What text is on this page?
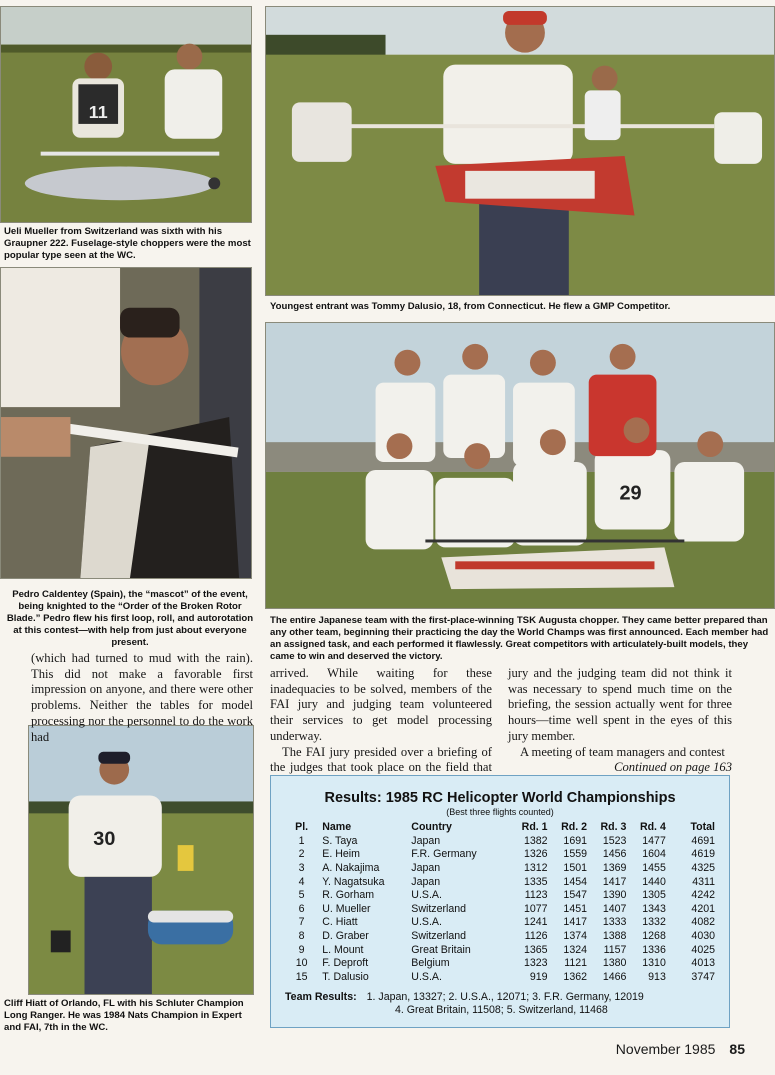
11
Ueli Mueller from Switzerland was sixth with his Graupner 222. Fuselage-style choppers were the most popular type seen at the WC.
Youngest entrant was Tommy Dalusio, 18, from Connecticut. He flew a GMP Competitor.
Pedro Caldentey (Spain), the “mascot” of the event, being knighted to the “Order of the Broken Rotor Blade.” Pedro flew his first loop, roll, and autorotation at this contest—with help from just about everyone present.
29
The entire Japanese team with the first-place-winning TSK Augusta chopper. They came better prepared than any other team, beginning their practicing the day the World Champs was first announced. Each member had an assigned task, and each performed it flawlessly. Great competitors with articulately-built models, they came to win and deserved the victory.
30
Cliff Hiatt of Orlando, FL with his Schluter Champion Long Ranger. He was 1984 Nats Champion in Expert and FAI, 7th in the WC.

(which had turned to mud with the rain). This did not make a favorable first impression on anyone, and there were other problems. Neither the tables for model processing nor the personnel to do the work had

arrived. While waiting for these inadequacies to be solved, members of the FAI jury and judging team volunteered their services to get model processing underway.

The FAI jury presided over a briefing of the judges that took place on the field that

jury and the judging team did not think it was necessary to spend much time on the briefing, the session actually went for three hours—time well spent in the eyes of this jury member.

A meeting of team managers and contest

Continued on page 163

Results: 1985 RC Helicopter World Championships
(Best three flights counted)
Pl.	Name	Country	Rd. 1	Rd. 2	Rd. 3	Rd. 4	Total
1	S. Taya	Japan	1382	1691	1523	1477	4691
2	E. Heim	F.R. Germany	1326	1559	1456	1604	4619
3	A. Nakajima	Japan	1312	1501	1369	1455	4325
4	Y. Nagatsuka	Japan	1335	1454	1417	1440	4311
5	R. Gorham	U.S.A.	1123	1547	1390	1305	4242
6	U. Mueller	Switzerland	1077	1451	1407	1343	4201
7	C. Hiatt	U.S.A.	1241	1417	1333	1332	4082
8	D. Graber	Switzerland	1126	1374	1388	1268	4030
9	L. Mount	Great Britain	1365	1324	1157	1336	4025
10	F. Deproft	Belgium	1323	1121	1380	1310	4013
15	T. Dalusio	U.S.A.	919	1362	1466	913	3747
Team Results: 1. Japan, 13327; 2. U.S.A., 12071; 3. F.R. Germany, 12019
4. Great Britain, 11508; 5. Switzerland, 11468
November 1985 85
